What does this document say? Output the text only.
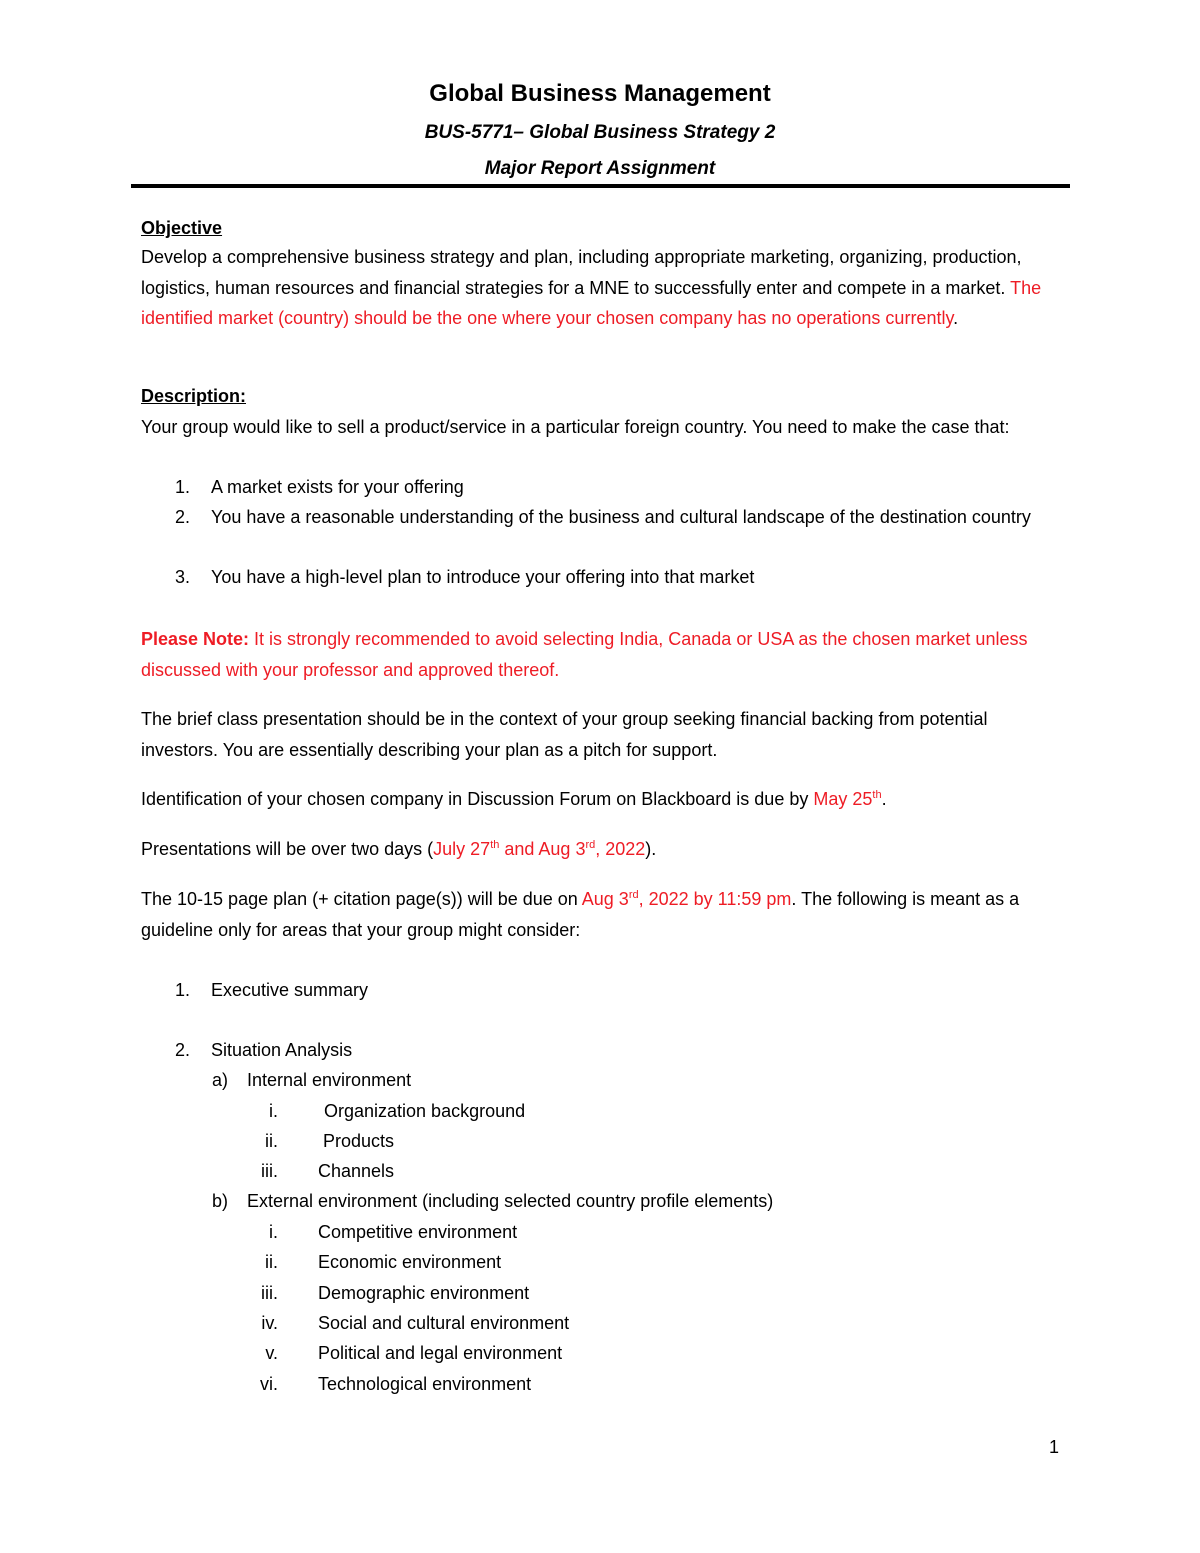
Global Business Management
BUS-5771– Global Business Strategy 2
Major Report Assignment
Objective
Develop a comprehensive business strategy and plan, including appropriate marketing, organizing, production, logistics, human resources and financial strategies for a MNE to successfully enter and compete in a market. The identified market (country) should be the one where your chosen company has no operations currently.
Description:
Your group would like to sell a product/service in a particular foreign country. You need to make the case that:
1. A market exists for your offering
2. You have a reasonable understanding of the business and cultural landscape of the destination country
3. You have a high-level plan to introduce your offering into that market
Please Note: It is strongly recommended to avoid selecting India, Canada or USA as the chosen market unless discussed with your professor and approved thereof.
The brief class presentation should be in the context of your group seeking financial backing from potential investors. You are essentially describing your plan as a pitch for support.
Identification of your chosen company in Discussion Forum on Blackboard is due by May 25th.
Presentations will be over two days (July 27th and Aug 3rd, 2022).
The 10-15 page plan (+ citation page(s)) will be due on Aug 3rd, 2022 by 11:59 pm. The following is meant as a guideline only for areas that your group might consider:
1. Executive summary
2. Situation Analysis
a) Internal environment
i.	Organization background
ii.	Products
iii. Channels
b) External environment (including selected country profile elements)
i. Competitive environment
ii. Economic environment
iii. Demographic environment
iv. Social and cultural environment
v. Political and legal environment
vi. Technological environment
1
